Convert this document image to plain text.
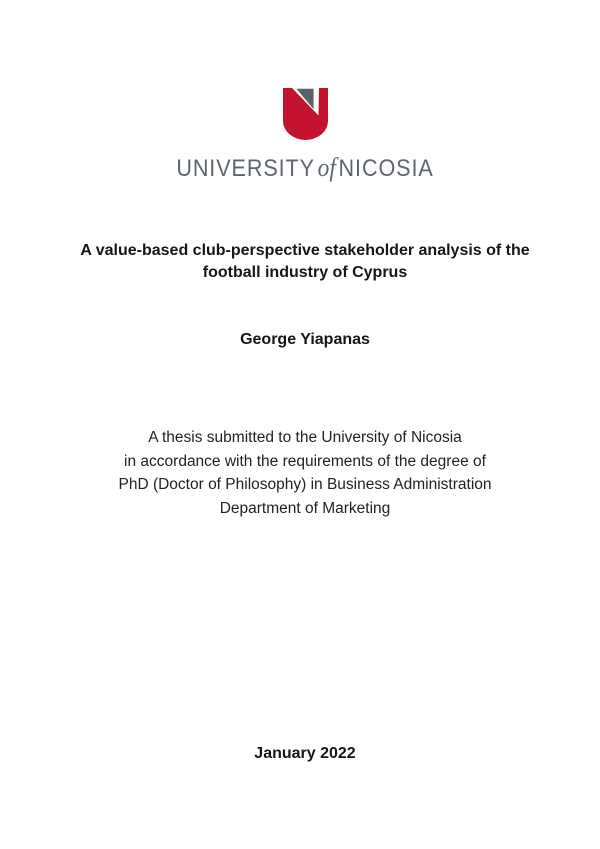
UNIVERSITY of NICOSIA
A value-based club-perspective stakeholder analysis of the
football industry of Cyprus
George Yiapanas
A thesis submitted to the University of Nicosia
in accordance with the requirements of the degree of
PhD (Doctor of Philosophy) in Business Administration
Department of Marketing
January 2022
